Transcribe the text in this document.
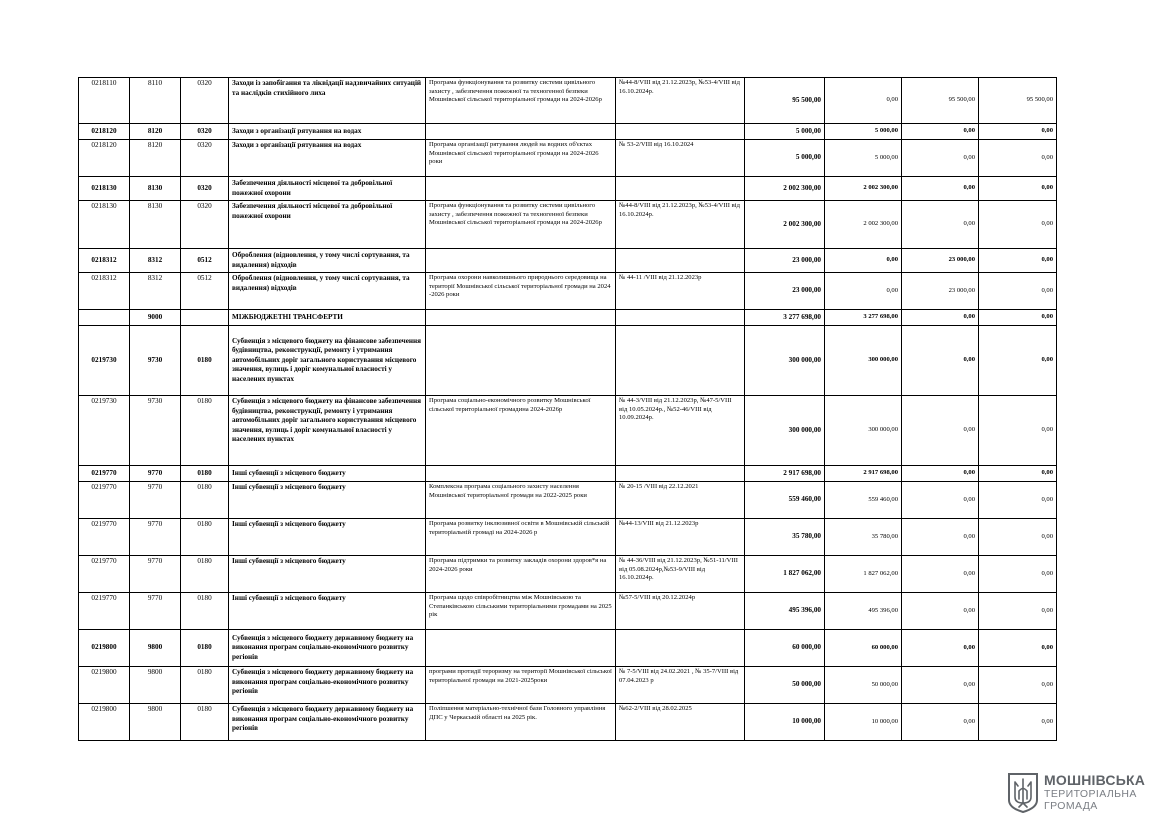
0218110	8110	0320	Заходи із запобігання та ліквідації надзвичайних ситуацій та наслідків стихійного лиха	Програма функціонування та розвитку системи цивільного захисту , забезпечення пожежної та техногенної безпеки Мошнівської сільської територіальної громади на 2024-2026р	№44-8/VIII від 21.12.2023р, №53-4/VIII від 16.10.2024р.	95 500,00	0,00	95 500,00	95 500,00
0218120	8120	0320	Заходи з організації рятування на водах			5 000,00	5 000,00	0,00	0,00
0218120	8120	0320	Заходи з організації рятування на водах	Програма організації рятування людей на водних об'єктах Мошнівської сільської територіальної громади на 2024-2026 роки	№ 53-2/VIII від 16.10.2024	5 000,00	5 000,00	0,00	0,00
0218130	8130	0320	Забезпечення діяльності місцевої та добровільної пожежної охорони			2 002 300,00	2 002 300,00	0,00	0,00
0218130	8130	0320	Забезпечення діяльності місцевої та добровільної пожежної охорони	Програма функціонування та розвитку системи цивільного захисту , забезпечення пожежної та техногенної безпеки Мошнівської сільської територіальної громади на 2024-2026р	№44-8/VIII від 21.12.2023р, №53-4/VIII від 16.10.2024р.	2 002 300,00	2 002 300,00	0,00	0,00
0218312	8312	0512	Оброблення (відновлення, у тому числі сортування, та видалення) відходів			23 000,00	0,00	23 000,00	0,00
0218312	8312	0512	Оброблення (відновлення, у тому числі сортування, та видалення) відходів	Програма охорони навколишнього природнього середовища на території Мошнівської сільської територіальної громади на 2024 -2026 роки	№ 44-11 /VIII від 21.12.2023р	23 000,00	0,00	23 000,00	0,00
	9000		МІЖБЮДЖЕТНІ ТРАНСФЕРТИ			3 277 698,00	3 277 698,00	0,00	0,00
0219730	9730	0180	Субвенція з місцевого бюджету на фінансове забезпечення будівництва, реконструкції, ремонту і утримання автомобільних доріг загального користування місцевого значення, вулиць і доріг комунальної власності у населених пунктах			300 000,00	300 000,00	0,00	0,00
0219730	9730	0180	Субвенція з місцевого бюджету на фінансове забезпечення будівництва, реконструкції, ремонту і утримання автомобільних доріг загального користування місцевого значення, вулиць і доріг комунальної власності у населених пунктах	Програма соціально-економічного розвитку Мошнівської сільської територіальної громадина 2024-2026р	№ 44-3/VIII від 21.12.2023р, №47-5/VIII від 10.05.2024р., №52-46/VIII від 10.09.2024р.	300 000,00	300 000,00	0,00	0,00
0219770	9770	0180	Інші субвенції з місцевого бюджету			2 917 698,00	2 917 698,00	0,00	0,00
0219770	9770	0180	Інші субвенції з місцевого бюджету	Комплексна програма соціального захисту населення Мошнівської територіальної громади на 2022-2025 роки	№ 20-15 /VIII від 22.12.2021	559 460,00	559 460,00	0,00	0,00
0219770	9770	0180	Інші субвенції з місцевого бюджету	Програма розвитку інклюзивної освіти в Мошнівській сільській територіальній громаді на 2024-2026 р	№44-13/VIII від 21.12.2023р	35 780,00	35 780,00	0,00	0,00
0219770	9770	0180	Інші субвенції з місцевого бюджету	Програма підтримки та розвитку закладів охорони здоров*я на 2024-2026 роки	№ 44-36/VIII від 21.12.2023р, №51-11/VIII від 05.08.2024р,№53-9/VIII від 16.10.2024р.	1 827 062,00	1 827 062,00	0,00	0,00
0219770	9770	0180	Інші субвенції з місцевого бюджету	Програма щодо співробітництва між Мошнівською та Степанківською сільськими територіальними громадами на 2025 рік	№57-5/VIII від 20.12.2024р	495 396,00	495 396,00	0,00	0,00
0219800	9800	0180	Субвенція з місцевого бюджету державному бюджету на виконання програм соціально-економічного розвитку регіонів			60 000,00	60 000,00	0,00	0,00
0219800	9800	0180	Субвенція з місцевого бюджету державному бюджету на виконання програм соціально-економічного розвитку регіонів	програми протидії тероризму на території Мошнівської сільської територіальної громади на 2021-2025роки	№ 7-5/VIII від 24.02.2021 , № 35-7/VIII від 07.04.2023 р	50 000,00	50 000,00	0,00	0,00
0219800	9800	0180	Субвенція з місцевого бюджету державному бюджету на виконання програм соціально-економічного розвитку регіонів	Поліпшення матеріально-технічної бази Головного управління ДПС у Черкаській області на 2025 рік.	№62-2/VIII від 28.02.2025	10 000,00	10 000,00	0,00	0,00
МОШНІВСЬКА
ТЕРИТОРІАЛЬНА
ГРОМАДА
